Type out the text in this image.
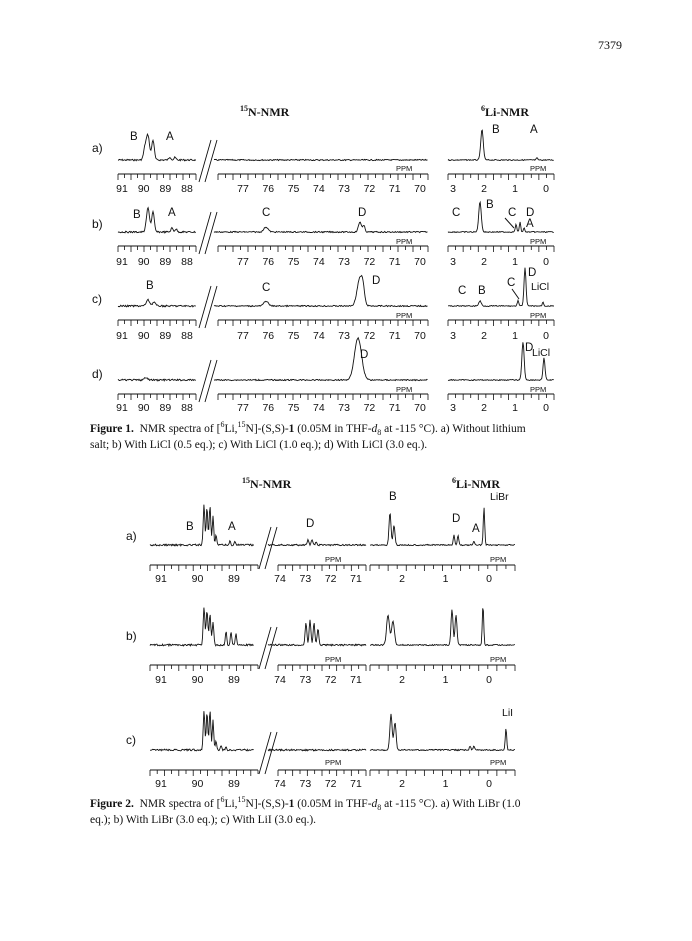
7379
$^{15}$N-NMR	$^6$Li-NMR
$^{15}$N-NMR	$^6$Li-NMR
Figure 1. NMR spectra of [$^6$Li,$^{15}$N]-(S,S)-1 (0.05M in THF-$d_8$ at -115 °C). a) Without lithium
salt; b) With LiCl (0.5 eq.); c) With LiCl (1.0 eq.); d) With LiCl (3.0 eq.).
Figure 2. NMR spectra of [$^6$Li,$^{15}$N]-(S,S)-1 (0.05M in THF-$d_8$ at -115 °C). a) With LiBr (1.0
eq.); b) With LiBr (3.0 eq.); c) With LiI (3.0 eq.).
a)
b)
c)
d)
B A
B	A
B A	C	D	C
B
C D
A
B	C
D
C B
C
D
LiCl
D
D
LiCl
PPM	PPM
PPM	PPM
PPM	PPM
PPM	PPM
91 90 89 88	77 76 75 74 73 72 71 70 3 2 1 0
91 90 89 88	77 76 75 74 73 72 71 70 3 2 1 0
91 90 89 88	77 76 75 74 73 72 71 70 3 2 1 0
91 90 89 88	77 76 75 74 73 72 71 70 3 2 1 0
a)
b)
c)
B	A	D
B
D
A
LiBr
LiI
PPM	PPM
PPM	PPM
PPM	PPM
91 90 89	74 73 72 71	2	1	0
91 90 89	74 73 72 71	2	1	0
91 90 89	74 73 72 71	2	1	0
